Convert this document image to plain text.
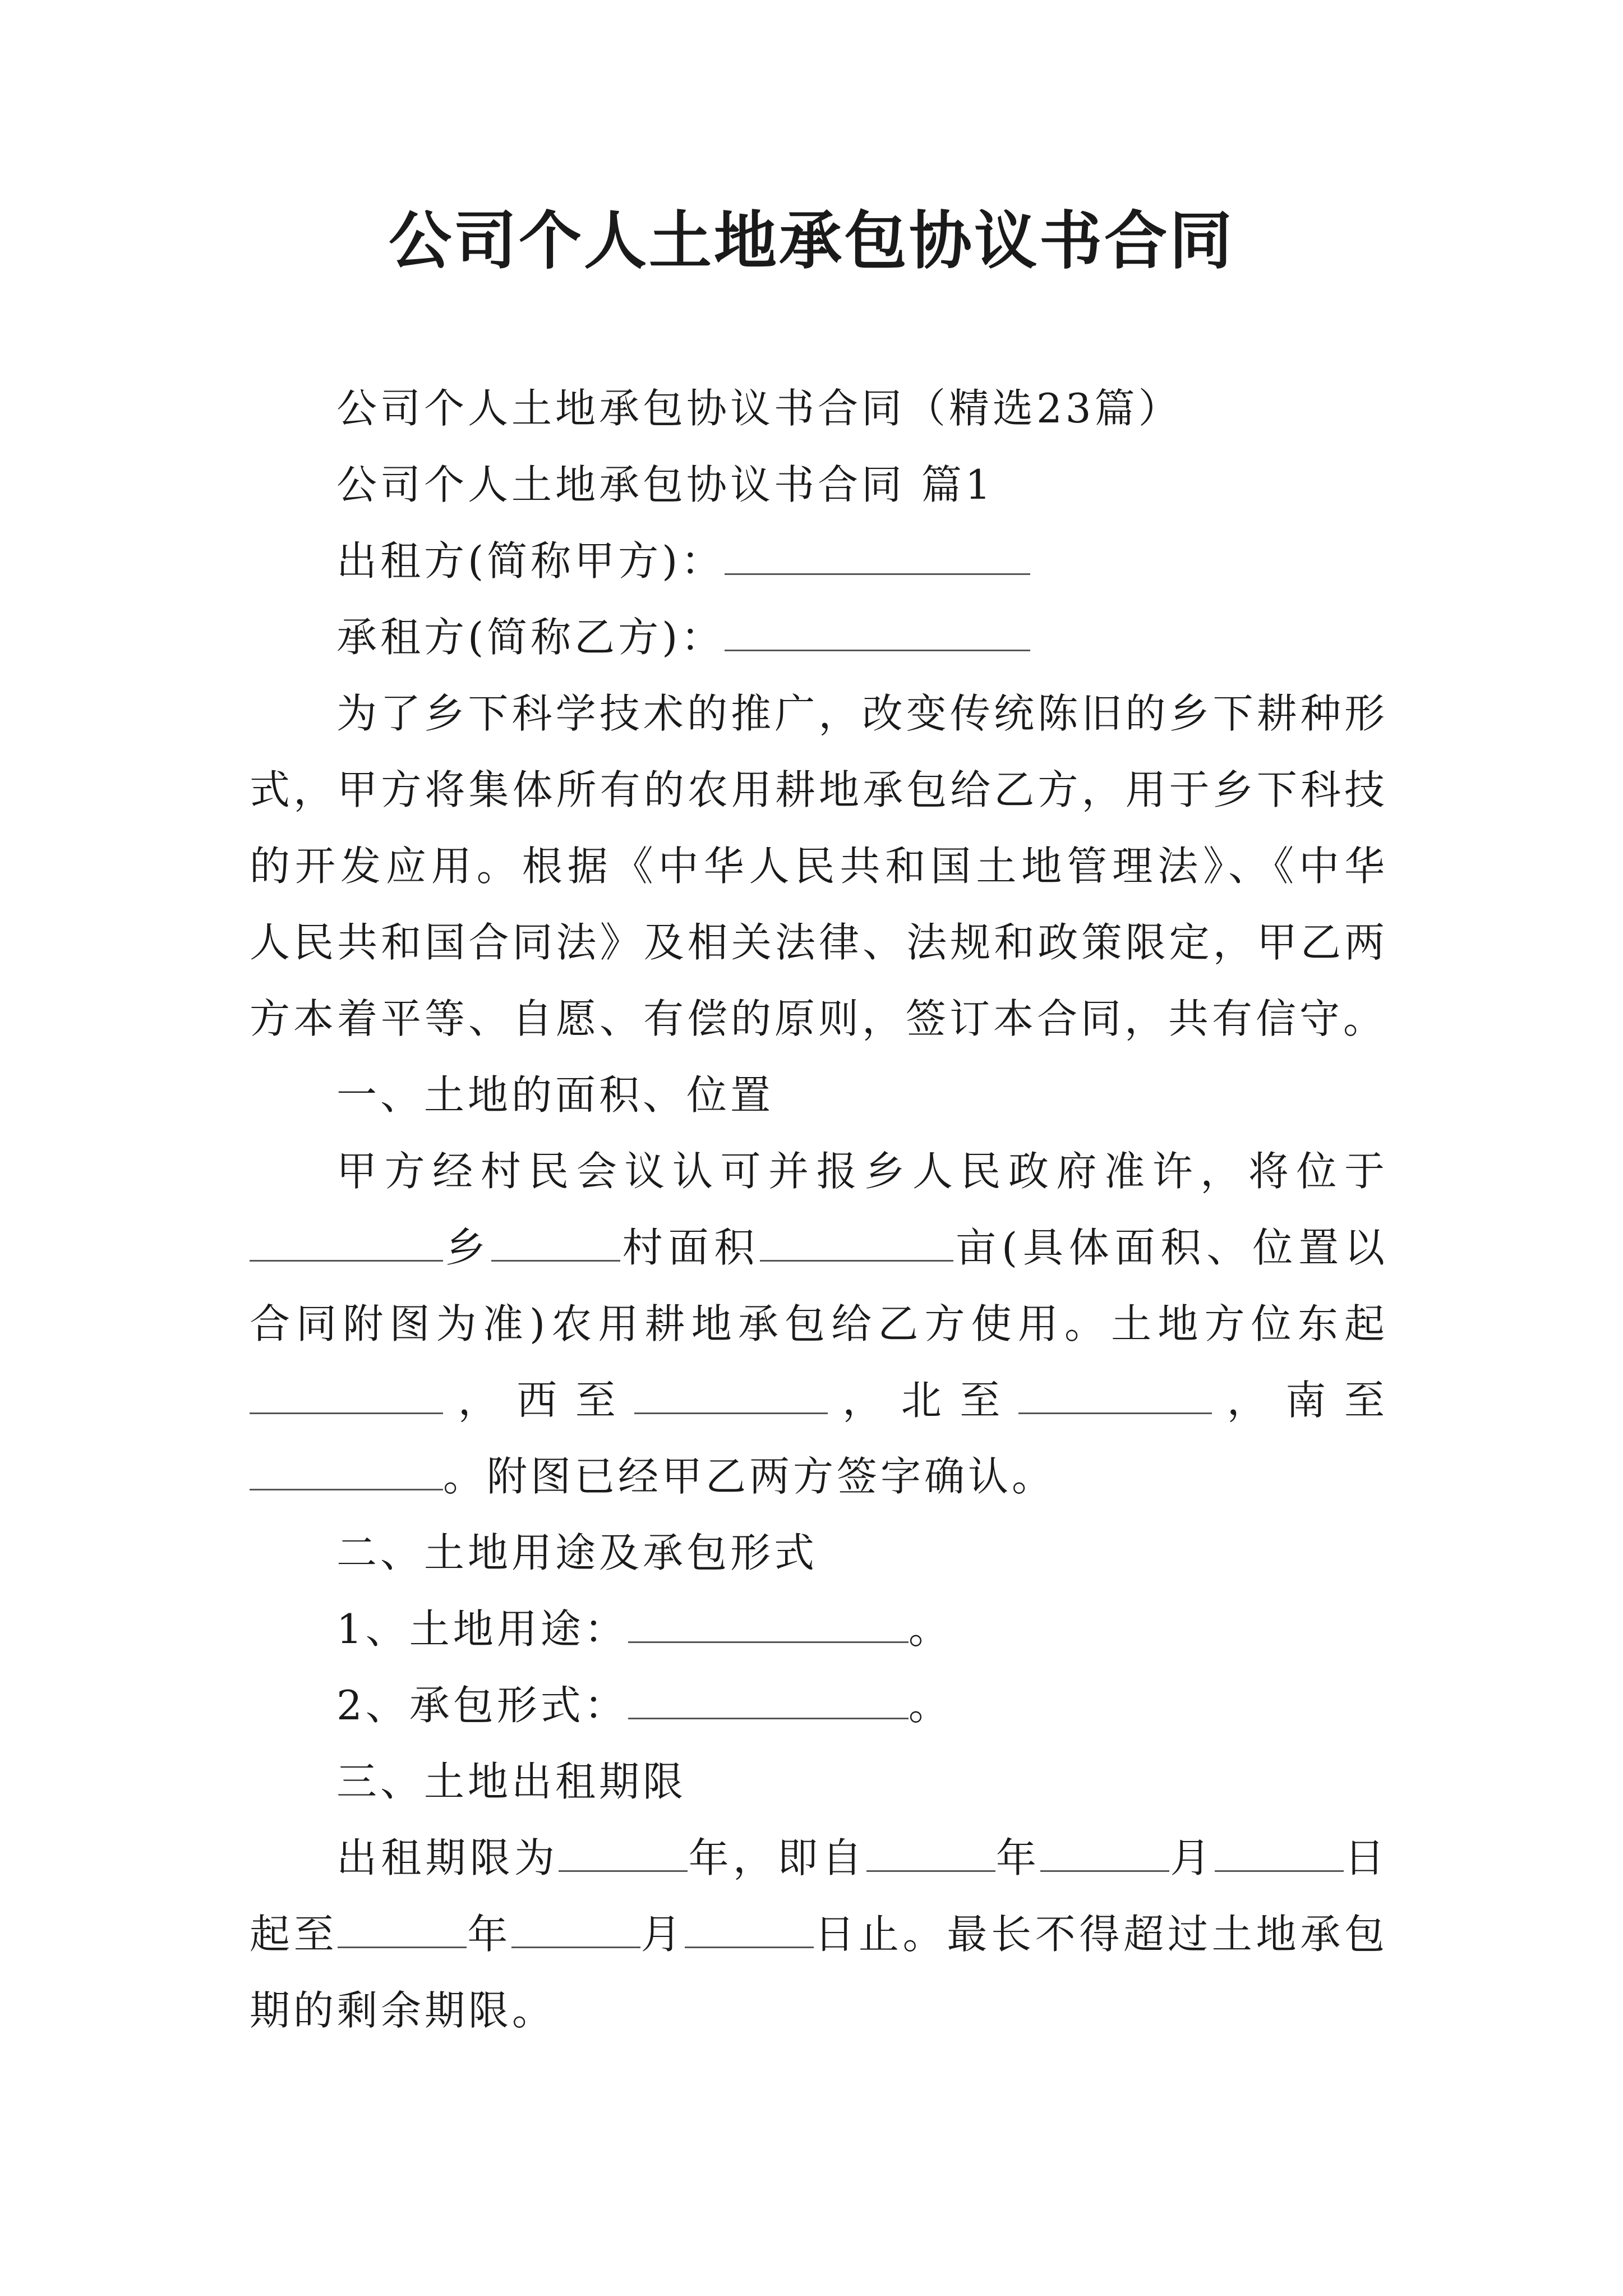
公司个人土地承包协议书合同

公司个人土地承包协议书合同（精选23篇）

公司个人土地承包协议书合同 篇1

出租方(简称甲方)：

承租方(简称乙方)：

为了乡下科学技术的推广，改变传统陈旧的乡下耕种形式，甲方将集体所有的农用耕地承包给乙方，用于乡下科技的开发应用。根据《中华人民共和国土地管理法》、《中华人民共和国合同法》及相关法律、法规和政策限定，甲乙两方本着平等、自愿、有偿的原则，签订本合同，共有信守。

一、土地的面积、位置

甲方经村民会议认可并报乡人民政府准许，将位于乡	村面积	亩(具体面积、位置以合同附图为准)农用耕地承包给乙方使用。土地方位东起，西至	，北至	，南至。附图已经甲乙两方签字确认。

二、土地用途及承包形式

1、土地用途：	。

2、承包形式：	。

三、土地出租期限

出租期限为	年，即自	年	月	日起至	年	月	日止。最长不得超过土地承包期的剩余期限。
